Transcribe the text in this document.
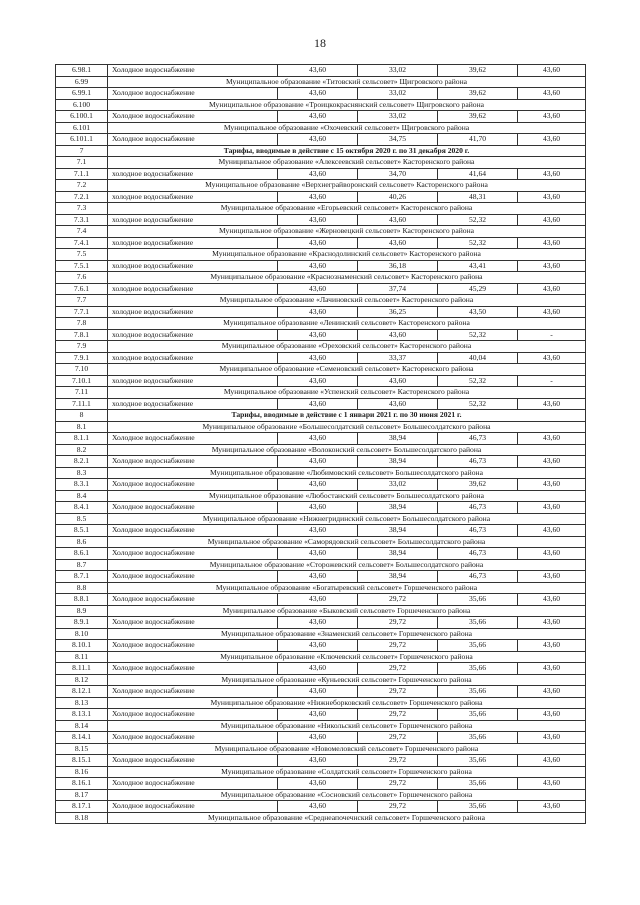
18
6.98.1	Холодное водоснабжение	43,60	33,02	39,62	43,60
6.99	Муниципальное образование «Титовский сельсовет» Щигровского района				
6.99.1	Холодное водоснабжение	43,60	33,02	39,62	43,60
6.100	Муниципальное образование «Троицкокраснянский сельсовет» Щигровского района				
6.100.1	Холодное водоснабжение	43,60	33,02	39,62	43,60
6.101	Муниципальное образование «Охочевский сельсовет» Щигровского района				
6.101.1	Холодное водоснабжение	43,60	34,75	41,70	43,60
7	Тарифы, вводимые в действие с 15 октября 2020 г. по 31 декабря 2020 г.				
7.1	Муниципальное образование «Алексеевский сельсовет» Касторенского района				
7.1.1	холодное водоснабжение	43,60	34,70	41,64	43,60
7.2	Муниципальное образование «Верхнеграйворонский сельсовет» Касторенского района				
7.2.1	холодное водоснабжение	43,60	40,26	48,31	43,60
7.3	Муниципальное образование «Егорьевский сельсовет» Касторенского района				
7.3.1	холодное водоснабжение	43,60	43,60	52,32	43,60
7.4	Муниципальное образование «Жерновецкий сельсовет» Касторенского района				
7.4.1	холодное водоснабжение	43,60	43,60	52,32	43,60
7.5	Муниципальное образование «Краснодолинский сельсовет» Касторенского района				
7.5.1	холодное водоснабжение	43,60	36,18	43,41	43,60
7.6	Муниципальное образование «Краснознаменский сельсовет» Касторенского района				
7.6.1	холодное водоснабжение	43,60	37,74	45,29	43,60
7.7	Муниципальное образование «Лачиновский сельсовет» Касторенского района				
7.7.1	холодное водоснабжение	43,60	36,25	43,50	43,60
7.8	Муниципальное образование «Ленинский сельсовет» Касторенского района				
7.8.1	холодное водоснабжение	43,60	43,60	52,32	-
7.9	Муниципальное образование «Ореховский сельсовет» Касторенского района				
7.9.1	холодное водоснабжение	43,60	33,37	40,04	43,60
7.10	Муниципальное образование «Семеновский сельсовет» Касторенского района				
7.10.1	холодное водоснабжение	43,60	43,60	52,32	-
7.11	Муниципальное образование «Успенский сельсовет» Касторенского района				
7.11.1	холодное водоснабжение	43,60	43,60	52,32	43,60
8	Тарифы, вводимые в действие с 1 январи 2021 г. по 30 июня 2021 г.				
8.1	Муниципальное образование «Большесолдатский сельсовет» Большесолдатского района				
8.1.1	Холодное водоснабжение	43,60	38,94	46,73	43,60
8.2	Муниципальное образование «Волоконский сельсовет» Большесолдатского района				
8.2.1	Холодное водоснабжение	43,60	38,94	46,73	43,60
8.3	Муниципальное образование «Любимовский сельсовет» Большесолдатского района				
8.3.1	Холодное водоснабжение	43,60	33,02	39,62	43,60
8.4	Муниципальное образование «Любостанский сельсовет» Большесолдатского района				
8.4.1	Холодное водоснабжение	43,60	38,94	46,73	43,60
8.5	Муниципальное образование «Нижнегридинский сельсовет» Большесолдатского района				
8.5.1	Холодное водоснабжение	43,60	38,94	46,73	43,60
8.6	Муниципальное образование «Саморядовский сельсовет» Большесолдатского района				
8.6.1	Холодное водоснабжение	43,60	38,94	46,73	43,60
8.7	Муниципальное образование «Сторожевский сельсовет» Большесолдатского района				
8.7.1	Холодное водоснабжение	43,60	38,94	46,73	43,60
8.8	Муниципальное образование «Богатыревский сельсовет» Горшеченского района				
8.8.1	Холодное водоснабжение	43,60	29,72	35,66	43,60
8.9	Муниципальное образование «Быковский сельсовет» Горшеченского района				
8.9.1	Холодное водоснабжение	43,60	29,72	35,66	43,60
8.10	Муниципальное образование «Знаменский сельсовет» Горшеченского района				
8.10.1	Холодное водоснабжение	43,60	29,72	35,66	43,60
8.11	Муниципальное образование «Ключевский сельсовет» Горшеченского района				
8.11.1	Холодное водоснабжение	43,60	29,72	35,66	43,60
8.12	Муниципальное образование «Куньевский сельсовет» Горшеченского района				
8.12.1	Холодное водоснабжение	43,60	29,72	35,66	43,60
8.13	Муниципальное образование «Нижнеборковский сельсовет» Горшеченского района				
8.13.1	Холодное водоснабжение	43,60	29,72	35,66	43,60
8.14	Муниципальное образование «Никольский сельсовет» Горшеченского района				
8.14.1	Холодное водоснабжение	43,60	29,72	35,66	43,60
8.15	Муниципальное образование «Новомеловский сельсовет» Горшеченского района				
8.15.1	Холодное водоснабжение	43,60	29,72	35,66	43,60
8.16	Муниципальное образование «Солдатский сельсовет» Горшеченского района				
8.16.1	Холодное водоснабжение	43,60	29,72	35,66	43,60
8.17	Муниципальное образование «Сосновский сельсовет» Горшеченского района				
8.17.1	Холодное водоснабжение	43,60	29,72	35,66	43,60
8.18	Муниципальное образование «Среднеапочечнский сельсовет» Горшеченского района				
